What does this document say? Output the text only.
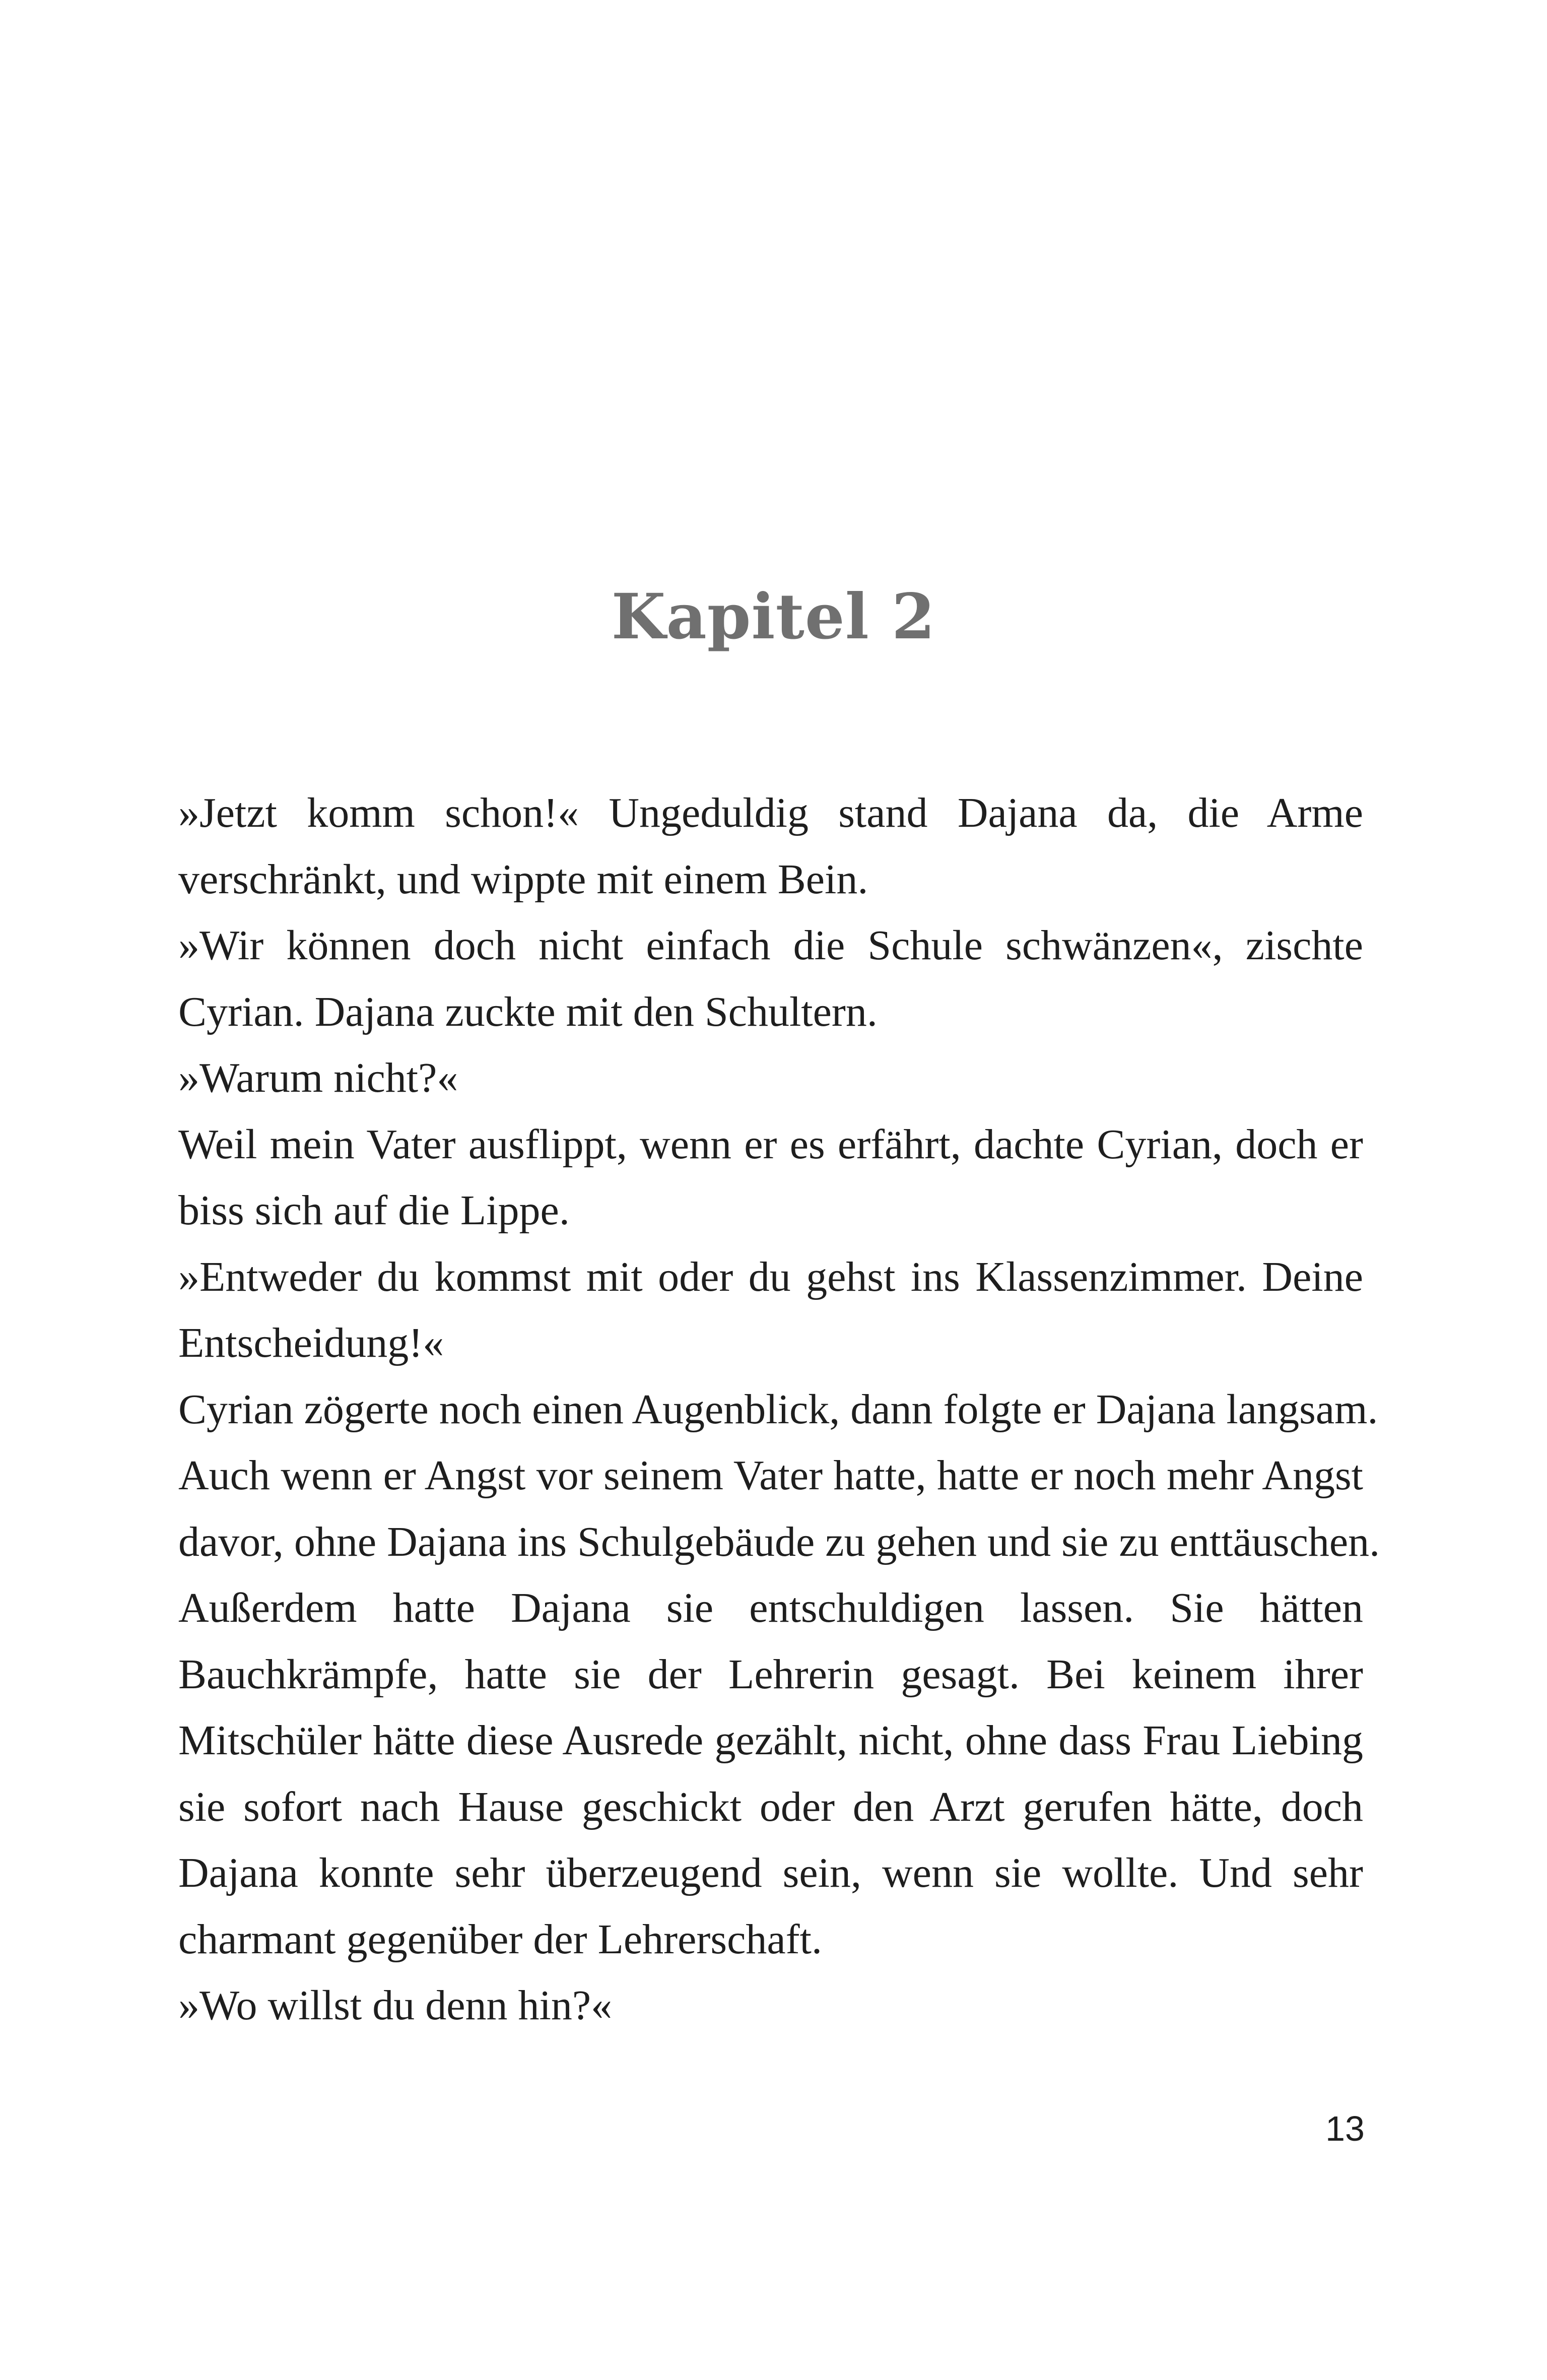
Kapitel 2
»Jetzt komm schon!« Ungeduldig stand Dajana da, die Arme
verschränkt, und wippte mit einem Bein.
»Wir können doch nicht einfach die Schule schwänzen«, zischte
Cyrian. Dajana zuckte mit den Schultern.
»Warum nicht?«
Weil mein Vater ausflippt, wenn er es erfährt, dachte Cyrian, doch er
biss sich auf die Lippe.
»Entweder du kommst mit oder du gehst ins Klassenzimmer. Deine
Entscheidung!«
Cyrian zögerte noch einen Augenblick, dann folgte er Dajana langsam.
Auch wenn er Angst vor seinem Vater hatte, hatte er noch mehr Angst
davor, ohne Dajana ins Schulgebäude zu gehen und sie zu enttäuschen.
Außerdem hatte Dajana sie entschuldigen lassen. Sie hätten
Bauchkrämpfe, hatte sie der Lehrerin gesagt. Bei keinem ihrer
Mitschüler hätte diese Ausrede gezählt, nicht, ohne dass Frau Liebing
sie sofort nach Hause geschickt oder den Arzt gerufen hätte, doch
Dajana konnte sehr überzeugend sein, wenn sie wollte. Und sehr
charmant gegenüber der Lehrerschaft.
»Wo willst du denn hin?«
13
